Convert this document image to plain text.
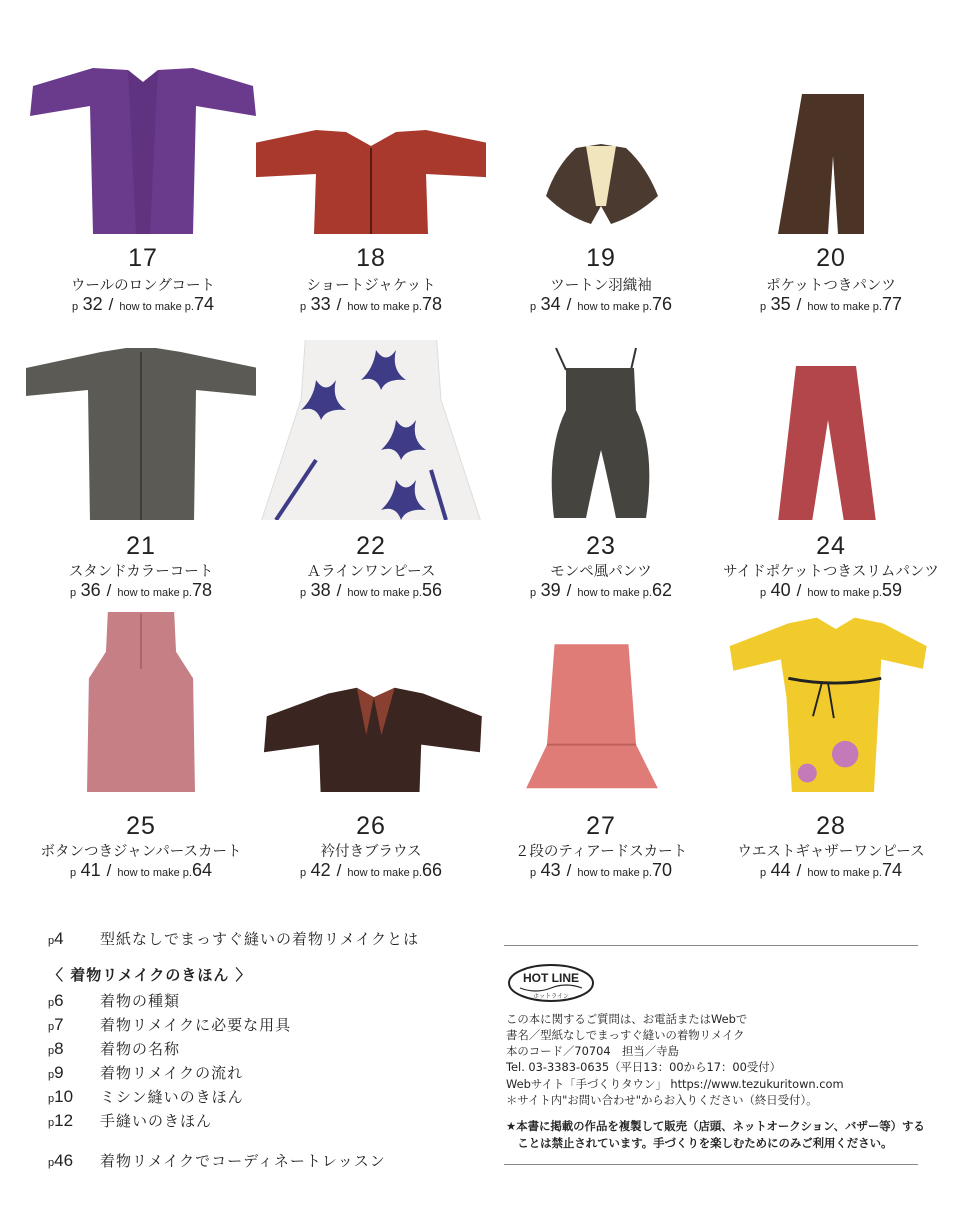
17
ウールのロングコート
p 32 / how to make p.74
18
ショートジャケット
p 33 / how to make p.78
19
ツートン羽織袖
p 34 / how to make p.76
20
ポケットつきパンツ
p 35 / how to make p.77
21
スタンドカラーコート
p 36 / how to make p.78
22
Ａラインワンピース
p 38 / how to make p.56
23
モンペ風パンツ
p 39 / how to make p.62
24
サイドポケットつきスリムパンツ
p 40 / how to make p.59
25
ボタンつきジャンパースカート
p 41 / how to make p.64
26
衿付きブラウス
p 42 / how to make p.66
27
２段のティアードスカート
p 43 / how to make p.70
28
ウエストギャザーワンピース
p 44 / how to make p.74
p4 型紙なしでまっすぐ縫いの着物リメイクとは
〈 着物リメイクのきほん 〉
p6 着物の種類
p7 着物リメイクに必要な用具
p8 着物の名称
p9 着物リメイクの流れ
p10 ミシン縫いのきほん
p12 手縫いのきほん
p46 着物リメイクでコーディネートレッスン
HOT LINE
ホットライン
この本に関するご質問は、お電話またはWebで
書名／型紙なしでまっすぐ縫いの着物リメイク
本のコード／70704　担当／寺島
Tel. 03-3383-0635（平日13：00から17：00受付）
Webサイト「手づくりタウン」 https://www.tezukuritown.com
＊サイト内"お問い合わせ"からお入りください（終日受付）。
★本書に掲載の作品を複製して販売（店頭、ネットオークション、バザー等）する
　ことは禁止されています。手づくりを楽しむためにのみご利用ください。
